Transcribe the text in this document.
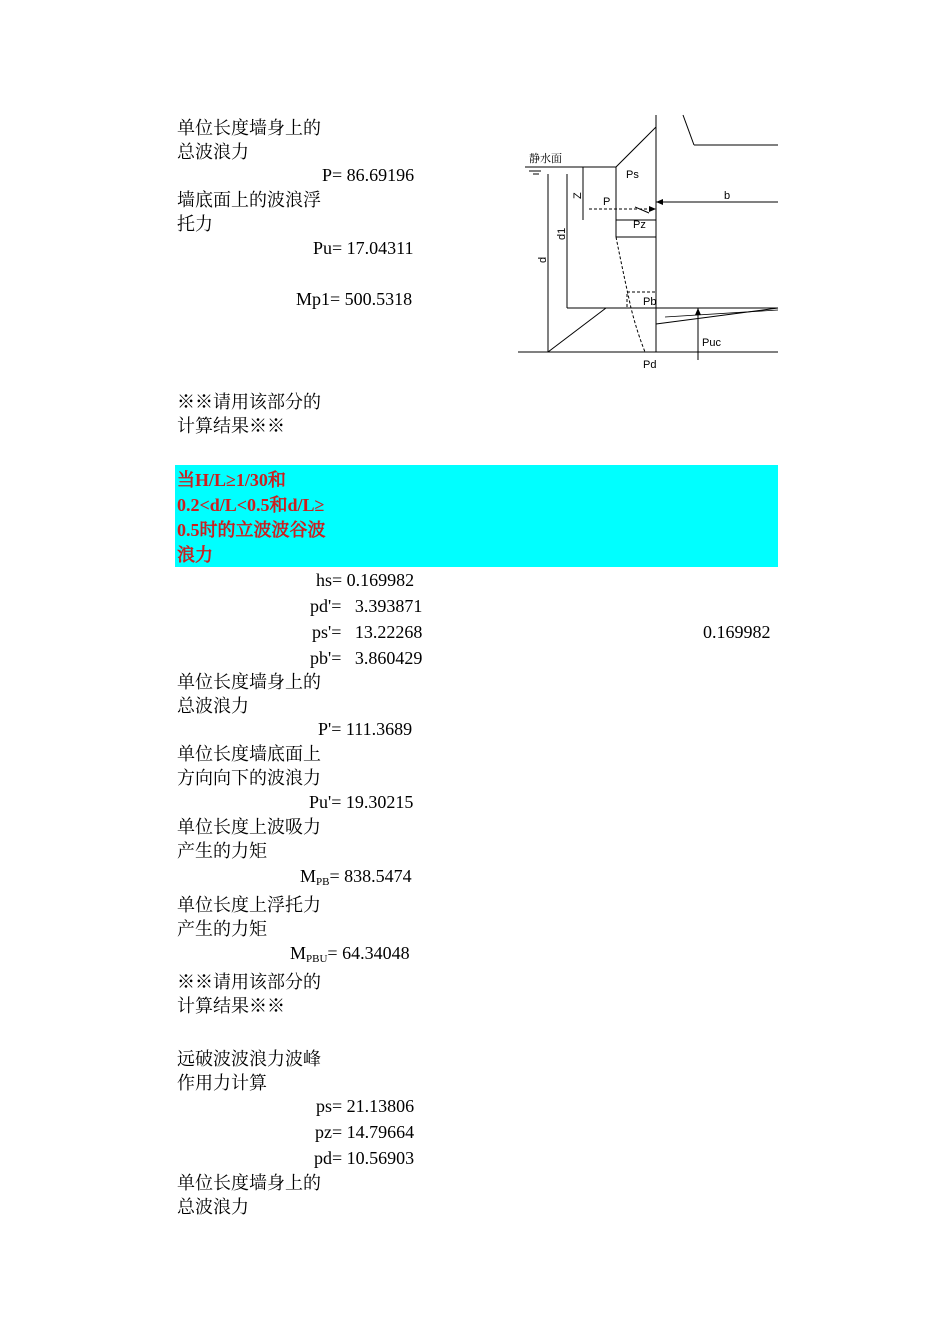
单位长度墙身上的
总波浪力
P= 86.69196
墙底面上的波浪浮
托力
Pu= 17.04311
Mp1= 500.5318
※※请用该部分的
计算结果※※
静水面
Ps
Z
P
Pz
b
d1
d
Pb
Puc
Pd
当H/L≥1/30和
0.2<d/L<0.5和d/L≥
0.5时的立波波谷波
浪力
hs= 0.169982
pd'= 3.393871
ps'= 13.22268	0.169982
pb'= 3.860429
单位长度墙身上的
总波浪力
P'= 111.3689
单位长度墙底面上
方向向下的波浪力
Pu'= 19.30215
单位长度上波吸力
产生的力矩
$M_{PB}= 838.5474$
单位长度上浮托力
产生的力矩
$M_{PBU}= 64.34048$
※※请用该部分的
计算结果※※
远破波波浪力波峰
作用力计算
ps= 21.13806
pz= 14.79664
pd= 10.56903
单位长度墙身上的
总波浪力
